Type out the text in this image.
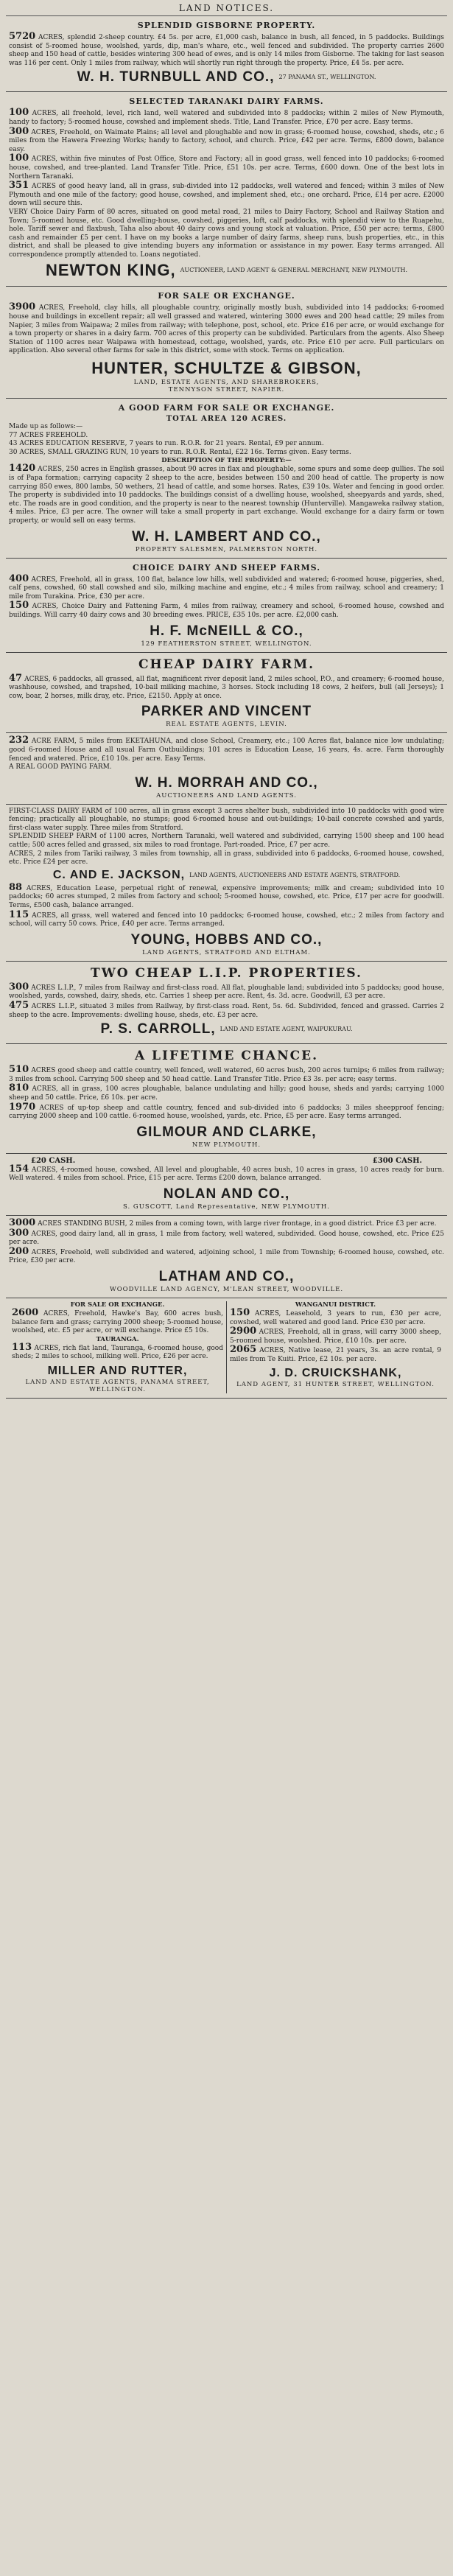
LAND NOTICES.
SPLENDID GISBORNE PROPERTY.
5720 ACRES, splendid 2-sheep country. £4 5s. per acre, £1,000 cash, balance in bush, all fenced, in 5 paddocks. Buildings consist of 5-roomed house, woolshed, yards, dip, man's whare, etc., well fenced and subdivided. The property carries 2600 sheep and 150 head of cattle, besides wintering 300 head of ewes, and is only 14 miles from Gisborne. The taking for last season was 116 per cent. Only 1 miles from railway, which will shortly run right through the property. Price, £4 5s. per acre.
W. H. TURNBULL AND CO., 27 PANAMA ST., WELLINGTON.
SELECTED TARANAKI DAIRY FARMS.
100 ACRES, all freehold, level, rich land, well watered and subdivided into 8 paddocks; within 2 miles of New Plymouth, handy to factory; 5-roomed house, cowshed and implement sheds. Title, Land Transfer. Price, £70 per acre. Easy terms.
300 ACRES, Freehold, on Waimate Plains; all level and ploughable and now in grass; 6-roomed house, cowshed, sheds, etc.; 6 miles from the Hawera Freezing Works; handy to factory, school, and church. Price, £42 per acre. Terms, £800 down, balance easy.
100 ACRES, within five minutes of Post Office, Store and Factory; all in good grass, well fenced into 10 paddocks; 6-roomed house, cowshed, and tree-planted. Land Transfer Title. Price, £51 10s. per acre. Terms, £600 down. One of the best lots in Northern Taranaki.
351 ACRES of good heavy land, all in grass, sub-divided into 12 paddocks, well watered and fenced; within 3 miles of New Plymouth and one mile of the factory; good house, cowshed, and implement shed, etc.; one orchard. Price, £14 per acre. £2000 down will secure this.
VERY Choice Dairy Farm of 80 acres, situated on good metal road, 21 miles to Dairy Factory, School and Railway Station and Town; 5-roomed house, etc. Good dwelling-house, cowshed, piggeries, loft, calf paddocks, with splendid view to the Ruapehu, hole. Tariff sewer and flaxbush, Taha also about 40 dairy cows and young stock at valuation. Price, £50 per acre; terms, £800 cash and remainder £5 per cent. I have on my books a large number of dairy farms, sheep runs, bush properties, etc., in this district, and shall be pleased to give intending buyers any information or assistance in my power. Easy terms arranged. All correspondence promptly attended to. Loans negotiated.
NEWTON KING, AUCTIONEER, LAND AGENT & GENERAL MERCHANT, NEW PLYMOUTH.
FOR SALE OR EXCHANGE.
3900 ACRES, Freehold, clay hills, all ploughable country, originally mostly bush, subdivided into 14 paddocks; 6-roomed house and buildings in excellent repair; all well grassed and watered, wintering 3000 ewes and 200 head cattle; 29 miles from Napier, 3 miles from Waipawa; 2 miles from railway; with telephone, post, school, etc. Price £16 per acre, or would exchange for a town property or shares in a dairy farm. 700 acres of this property can be subdivided. Particulars from the agents. Also Sheep Station of 1100 acres near Waipawa with homestead, cottage, woolshed, yards, etc. Price £10 per acre. Full particulars on application. Also several other farms for sale in this district, some with stock. Terms on application.
HUNTER, SCHULTZE & GIBSON,
LAND, ESTATE AGENTS, AND SHAREBROKERS,
TENNYSON STREET, NAPIER.
A GOOD FARM FOR SALE OR EXCHANGE.
TOTAL AREA 120 ACRES.
Made up as follows:—
77 ACRES FREEHOLD.
43 ACRES EDUCATION RESERVE, 7 years to run. R.O.R. for 21 years. Rental, £9 per annum.
30 ACRES, SMALL GRAZING RUN, 10 years to run. R.O.R. Rental, £22 16s. Terms given. Easy terms.
DESCRIPTION OF THE PROPERTY:—
1420 ACRES, 250 acres in English grasses, about 90 acres in flax and ploughable, some spurs and some deep gullies. The soil is of Papa formation; carrying capacity 2 sheep to the acre, besides between 150 and 200 head of cattle. The property is now carrying 850 ewes, 800 lambs, 50 wethers, 21 head of cattle, and some horses. Rates, £39 10s. Water and fencing in good order. The property is subdivided into 10 paddocks. The buildings consist of a dwelling house, woolshed, sheepyards and yards, shed, etc. The roads are in good condition, and the property is near to the nearest township (Hunterville). Mangaweka railway station, 4 miles. Price, £3 per acre. The owner will take a small property in part exchange. Would exchange for a dairy farm or town property, or would sell on easy terms.
W. H. LAMBERT AND CO.,
PROPERTY SALESMEN, PALMERSTON NORTH.
CHOICE DAIRY AND SHEEP FARMS.
400 ACRES, Freehold, all in grass, 100 flat, balance low hills, well subdivided and watered; 6-roomed house, piggeries, shed, calf pens, cowshed, 60 stall cowshed and silo, milking machine and engine, etc.; 4 miles from railway, school and creamery; 1 mile from Turakina. Price, £30 per acre.
150 ACRES, Choice Dairy and Fattening Farm, 4 miles from railway, creamery and school, 6-roomed house, cowshed and buildings. Will carry 40 dairy cows and 30 breeding ewes. PRICE, £35 10s. per acre. £2,000 cash.
H. F. McNEILL & CO.,
129 FEATHERSTON STREET, WELLINGTON.
CHEAP DAIRY FARM.
47 ACRES, 6 paddocks, all grassed, all flat, magnificent river deposit land, 2 miles school, P.O., and creamery; 6-roomed house, washhouse, cowshed, and trapshed, 10-bail milking machine, 3 horses. Stock including 18 cows, 2 heifers, bull (all Jerseys); 1 cow, boar, 2 horses, milk dray, etc. Price, £2150. Apply at once.
PARKER AND VINCENT
REAL ESTATE AGENTS, LEVIN.
232 ACRE FARM, 5 miles from EKETAHUNA, and close School, Creamery, etc.; 100 Acres flat, balance nice low undulating; good 6-roomed House and all usual Farm Outbuildings; 101 acres is Education Lease, 16 years, 4s. acre. Farm thoroughly fenced and watered. Price, £10 10s. per acre. Easy Terms.
A REAL GOOD PAYING FARM.
W. H. MORRAH AND CO.,
AUCTIONEERS AND LAND AGENTS.
FIRST-CLASS DAIRY FARM of 100 acres, all in grass except 3 acres shelter bush, subdivided into 10 paddocks with good wire fencing; practically all ploughable, no stumps; good 6-roomed house and out-buildings; 10-bail concrete cowshed and yards, first-class water supply. Three miles from Stratford.
SPLENDID SHEEP FARM of 1100 acres, Northern Taranaki, well watered and subdivided, carrying 1500 sheep and 100 head cattle; 500 acres felled and grassed, six miles to road frontage. Part-roaded. Price, £7 per acre.
ACRES, 2 miles from Tariki railway, 3 miles from township, all in grass, subdivided into 6 paddocks, 6-roomed house, cowshed, etc. Price £24 per acre.
C. AND E. JACKSON, LAND AGENTS, AUCTIONEERS AND ESTATE AGENTS, STRATFORD.
88 ACRES, Education Lease, perpetual right of renewal, expensive improvements; milk and cream; subdivided into 10 paddocks; 60 acres stumped, 2 miles from factory and school; 5-roomed house, cowshed, etc. Price, £17 per acre for goodwill. Terms, £500 cash, balance arranged.
115 ACRES, all grass, well watered and fenced into 10 paddocks; 6-roomed house, cowshed, etc.; 2 miles from factory and school, will carry 50 cows. Price, £40 per acre. Terms arranged.
YOUNG, HOBBS AND CO.,
LAND AGENTS, STRATFORD AND ELTHAM.
TWO CHEAP L.I.P. PROPERTIES.
300 ACRES L.I.P., 7 miles from Railway and first-class road. All flat, ploughable land; subdivided into 5 paddocks; good house, woolshed, yards, cowshed, dairy, sheds, etc. Carries 1 sheep per acre. Rent, 4s. 3d. acre. Goodwill, £3 per acre.
475 ACRES L.I.P., situated 3 miles from Railway, by first-class road. Rent, 5s. 6d. Subdivided, fenced and grassed. Carries 2 sheep to the acre. Improvements: dwelling house, sheds, etc. £3 per acre.
P. S. CARROLL, LAND AND ESTATE AGENT, WAIPUKURAU.
A LIFETIME CHANCE.
510 ACRES good sheep and cattle country, well fenced, well watered, 60 acres bush, 200 acres turnips; 6 miles from railway; 3 miles from school. Carrying 500 sheep and 50 head cattle. Land Transfer Title. Price £3 3s. per acre; easy terms.
810 ACRES, all in grass, 100 acres ploughable, balance undulating and hilly; good house, sheds and yards; carrying 1000 sheep and 50 cattle. Price, £6 10s. per acre.
1970 ACRES of up-top sheep and cattle country, fenced and sub-divided into 6 paddocks; 3 miles sheepproof fencing; carrying 2000 sheep and 100 cattle. 6-roomed house, woolshed, yards, etc. Price, £5 per acre. Easy terms arranged.
GILMOUR AND CLARKE,
NEW PLYMOUTH.
£20 CASH.	£300 CASH.
154 ACRES, 4-roomed house, cowshed, All level and ploughable, 40 acres bush, 10 acres in grass, 10 acres ready for burn. Well watered. 4 miles from school. Price, £15 per acre. Terms £200 down, balance arranged.
NOLAN AND CO.,
S. GUSCOTT, Land Representative, NEW PLYMOUTH.
3000 ACRES STANDING BUSH, 2 miles from a coming town, with large river frontage, in a good district. Price £3 per acre.
300 ACRES, good dairy land, all in grass, 1 mile from factory, well watered, subdivided. Good house, cowshed, etc. Price £25 per acre.
200 ACRES, Freehold, well subdivided and watered, adjoining school, 1 mile from Township; 6-roomed house, cowshed, etc. Price, £30 per acre.
LATHAM AND CO.,
WOODVILLE LAND AGENCY, M'LEAN STREET, WOODVILLE.
FOR SALE OR EXCHANGE.
2600 ACRES, Freehold, Hawke's Bay, 600 acres bush, balance fern and grass; carrying 2000 sheep; 5-roomed house, woolshed, etc. £5 per acre, or will exchange. Price £5 10s.
TAURANGA.
113 ACRES, rich flat land, Tauranga, 6-roomed house, good sheds; 2 miles to school, milking well. Price, £26 per acre.
MILLER AND RUTTER,
LAND AND ESTATE AGENTS, PANAMA STREET, WELLINGTON.
WANGANUI DISTRICT.
150 ACRES, Leasehold, 3 years to run, £30 per acre, cowshed, well watered and good land. Price £30 per acre.
2900 ACRES, Freehold, all in grass, will carry 3000 sheep, 5-roomed house, woolshed. Price, £10 10s. per acre.
2065 ACRES, Native lease, 21 years, 3s. an acre rental, 9 miles from Te Kuiti. Price, £2 10s. per acre.
J. D. CRUICKSHANK,
LAND AGENT, 31 HUNTER STREET, WELLINGTON.
